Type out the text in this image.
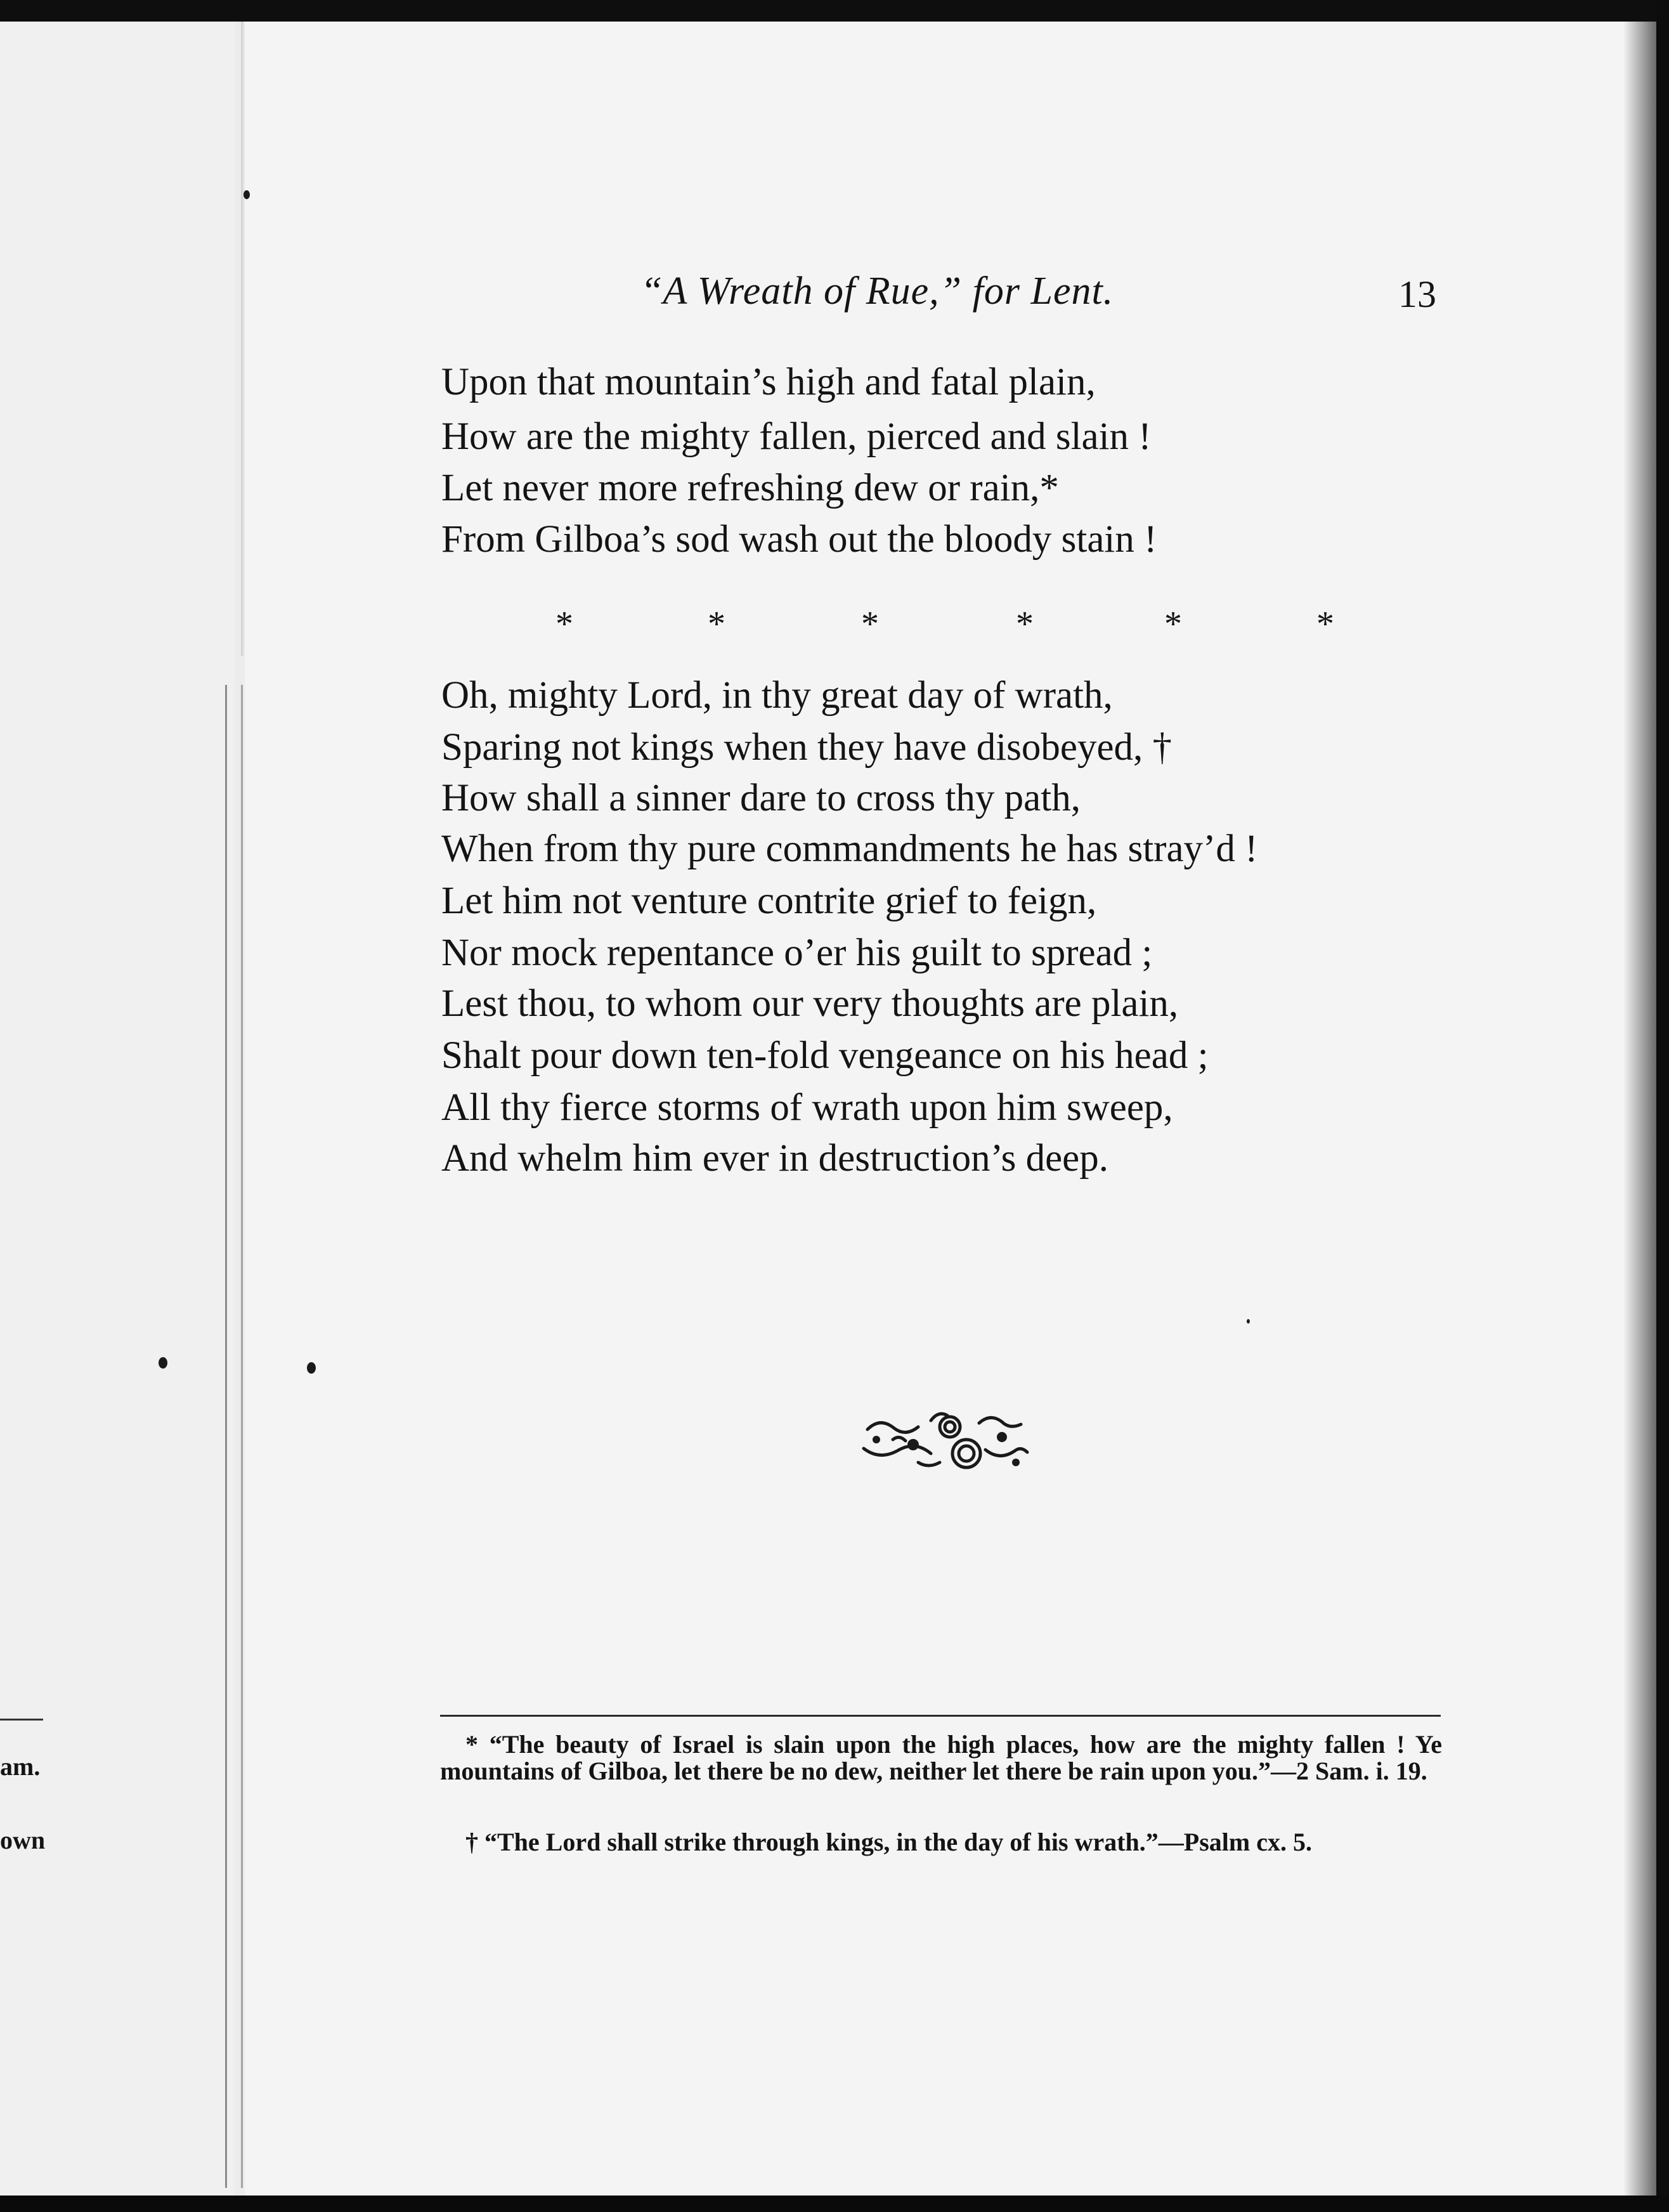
am.
own
“A Wreath of Rue,” for Lent.	13

Upon that mountain’s high and fatal plain,

How are the mighty fallen, pierced and slain !

Let never more refreshing dew or rain,*

From Gilboa’s sod wash out the bloody stain !

*	*	*	*	*	*

Oh, mighty Lord, in thy great day of wrath,

Sparing not kings when they have disobeyed, †

How shall a sinner dare to cross thy path,

When from thy pure commandments he has stray’d !

Let him not venture contrite grief to feign,

Nor mock repentance o’er his guilt to spread ;

Lest thou, to whom our very thoughts are plain,

Shalt pour down ten-fold vengeance on his head ;

All thy fierce storms of wrath upon him sweep,

And whelm him ever in destruction’s deep.

* “The beauty of Israel is slain upon the high places, how are the mighty fallen ! Ye mountains of Gilboa, let there be no dew, neither let there be rain upon you.”—2 Sam. i. 19.

† “The Lord shall strike through kings, in the day of his wrath.”—Psalm cx. 5.
